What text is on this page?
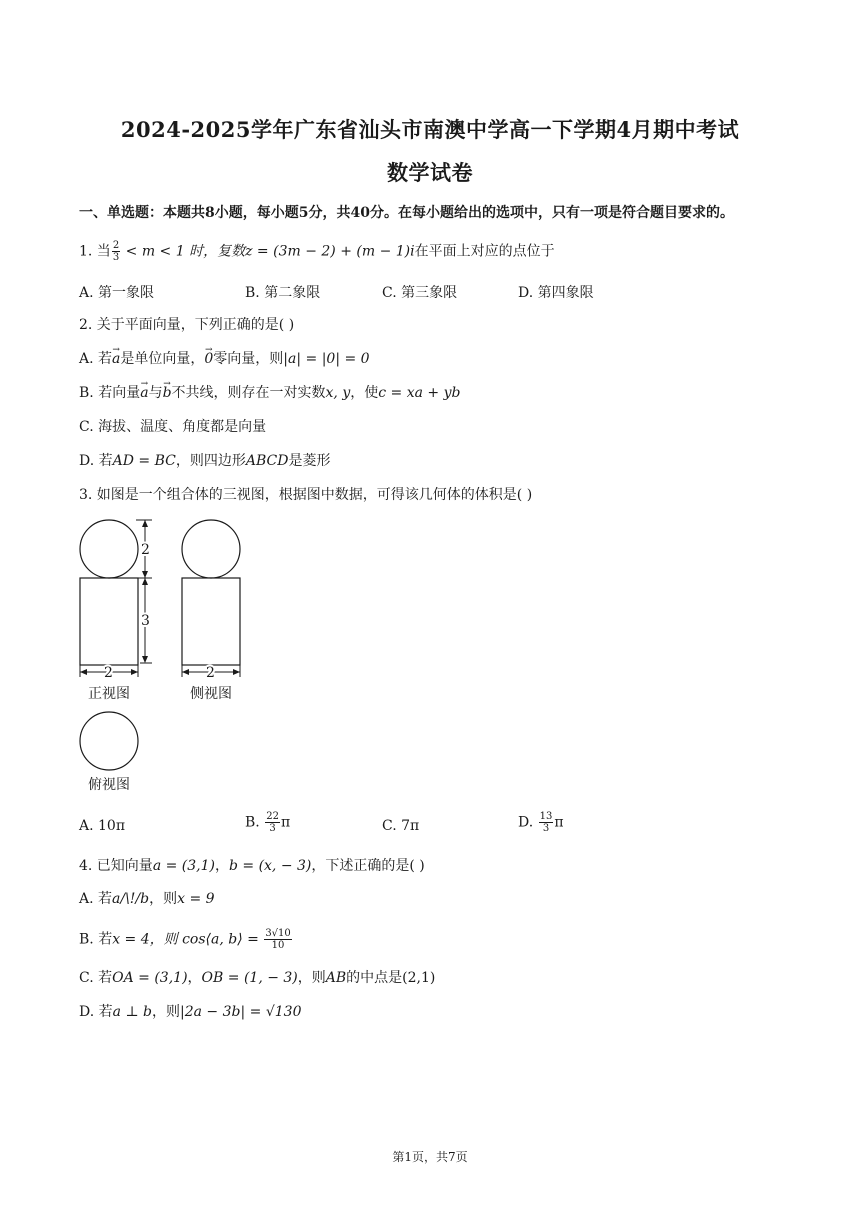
2024-2025学年广东省汕头市南澳中学高一下学期4月期中考试
数学试卷
一、单选题：本题共8小题，每小题5分，共40分。在每小题给出的选项中，只有一项是符合题目要求的。
1. 当 $\frac{2}{3} < m < 1$ 时，复数z = (3m − 2) + (m − 1)i在平面上对应的点位于
A. 第一象限	B. 第二象限	C. 第三象限	D. 第四象限
2. 关于平面向量，下列正确的是( )
A. 若→ a是单位向量，→ 0零向量，则|a| = |0| = 0
B. 若向量→ a与→ b不共线，则存在一对实数x, y，使c = xa + yb
C. 海拔、温度、角度都是向量
D. 若AD = BC，则四边形ABCD是菱形
3. 如图是一个组合体的三视图，根据图中数据，可得该几何体的体积是( )
2
3
2	2
正视图	侧视图
俯视图
A. 10π	B. $\frac{22}{3}$ π	C. 7π	D. $\frac{13}{3}$ π
4. 已知向量a = (3,1)，b = (x, − 3)，下述正确的是( )
A. 若a/\!/b，则x = 9
B. 若x = 4，则 cos⟨a, b⟩ = $\frac{3√10}{10}$
C. 若OA = (3,1)，OB = (1, − 3)，则AB的中点是(2,1)
D. 若a ⊥ b，则|2a − 3b| = √130
第1页，共7页
